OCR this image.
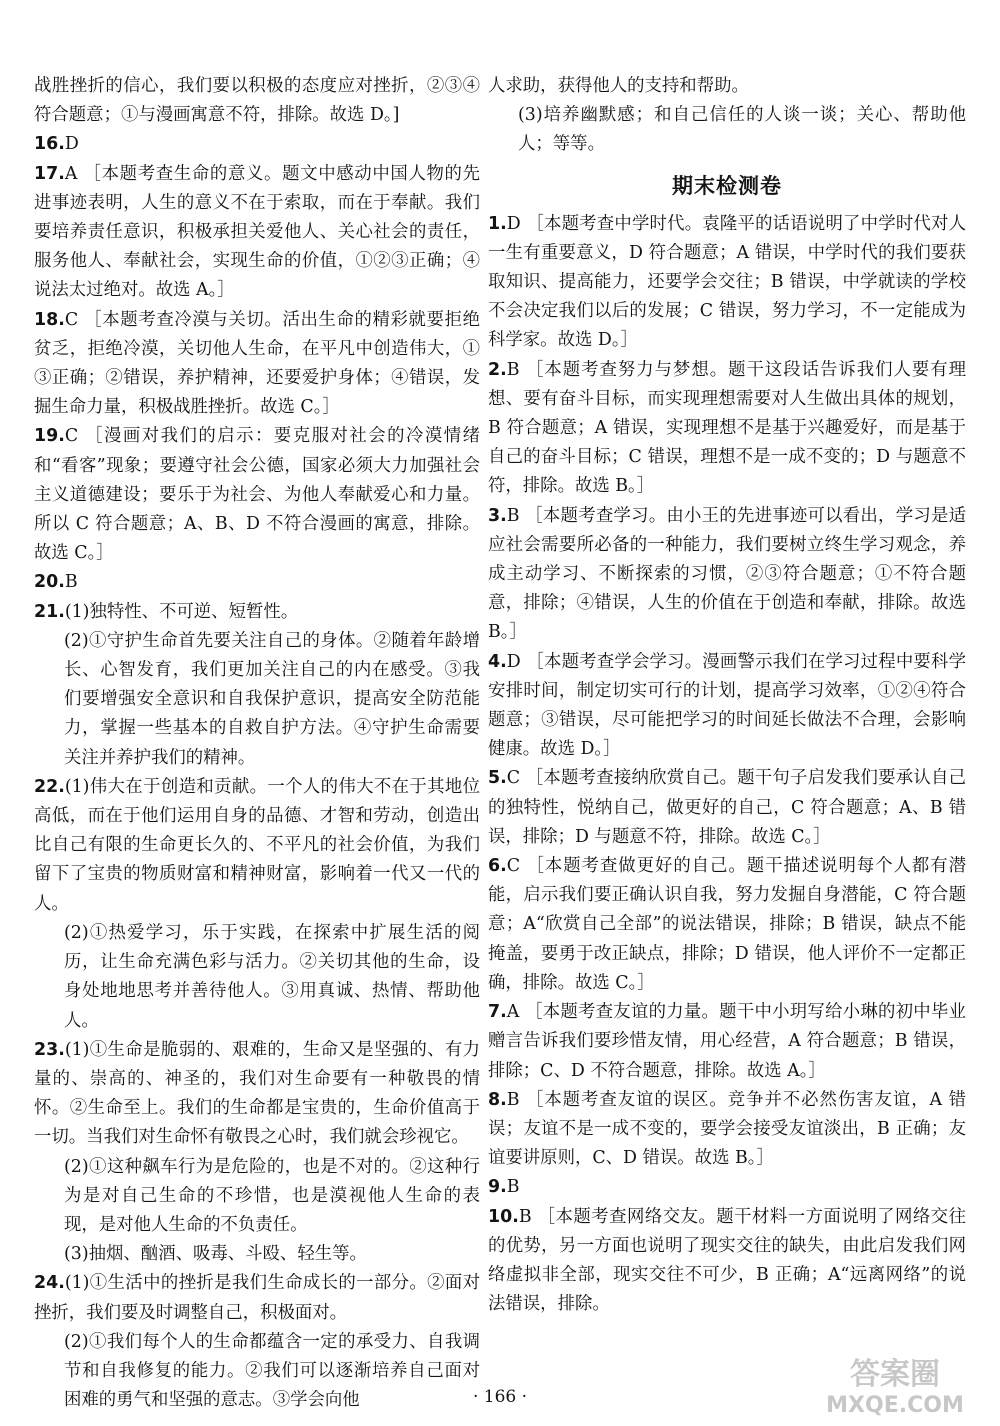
战胜挫折的信心，我们要以积极的态度应对挫折，②③④符合题意；①与漫画寓意不符，排除。故选 D。]
16.D
17.A ［本题考查生命的意义。题文中感动中国人物的先进事迹表明，人生的意义不在于索取，而在于奉献。我们要培养责任意识，积极承担关爱他人、关心社会的责任，服务他人、奉献社会，实现生命的价值，①②③正确；④说法太过绝对。故选 A。］
18.C ［本题考查冷漠与关切。活出生命的精彩就要拒绝贫乏，拒绝冷漠，关切他人生命，在平凡中创造伟大，①③正确；②错误，养护精神，还要爱护身体；④错误，发掘生命力量，积极战胜挫折。故选 C。］
19.C ［漫画对我们的启示：要克服对社会的冷漠情绪和“看客”现象；要遵守社会公德，国家必须大力加强社会主义道德建设；要乐于为社会、为他人奉献爱心和力量。所以 C 符合题意；A、B、D 不符合漫画的寓意，排除。故选 C。］
20.B
21.(1)独特性、不可逆、短暂性。
(2)①守护生命首先要关注自己的身体。②随着年龄增长、心智发育，我们更加关注自己的内在感受。③我们要增强安全意识和自我保护意识，提高安全防范能力，掌握一些基本的自救自护方法。④守护生命需要关注并养护我们的精神。
22.(1)伟大在于创造和贡献。一个人的伟大不在于其地位高低，而在于他们运用自身的品德、才智和劳动，创造出比自己有限的生命更长久的、不平凡的社会价值，为我们留下了宝贵的物质财富和精神财富，影响着一代又一代的人。
(2)①热爱学习，乐于实践，在探索中扩展生活的阅历，让生命充满色彩与活力。②关切其他的生命，设身处地地思考并善待他人。③用真诚、热情、帮助他人。
23.(1)①生命是脆弱的、艰难的，生命又是坚强的、有力量的、崇高的、神圣的，我们对生命要有一种敬畏的情怀。②生命至上。我们的生命都是宝贵的，生命价值高于一切。当我们对生命怀有敬畏之心时，我们就会珍视它。
(2)①这种飙车行为是危险的，也是不对的。②这种行为是对自己生命的不珍惜，也是漠视他人生命的表现，是对他人生命的不负责任。
(3)抽烟、酗酒、吸毒、斗殴、轻生等。
24.(1)①生活中的挫折是我们生命成长的一部分。②面对挫折，我们要及时调整自己，积极面对。
(2)①我们每个人的生命都蕴含一定的承受力、自我调节和自我修复的能力。②我们可以逐渐培养自己面对困难的勇气和坚强的意志。③学会向他
人求助，获得他人的支持和帮助。
(3)培养幽默感；和自己信任的人谈一谈；关心、帮助他人；等等。
期末检测卷
1.D ［本题考查中学时代。袁隆平的话语说明了中学时代对人一生有重要意义，D 符合题意；A 错误，中学时代的我们要获取知识、提高能力，还要学会交往；B 错误，中学就读的学校不会决定我们以后的发展；C 错误，努力学习，不一定能成为科学家。故选 D。］
2.B ［本题考查努力与梦想。题干这段话告诉我们人要有理想、要有奋斗目标，而实现理想需要对人生做出具体的规划，B 符合题意；A 错误，实现理想不是基于兴趣爱好，而是基于自己的奋斗目标；C 错误，理想不是一成不变的；D 与题意不符，排除。故选 B。］
3.B ［本题考查学习。由小王的先进事迹可以看出，学习是适应社会需要所必备的一种能力，我们要树立终生学习观念，养成主动学习、不断探索的习惯，②③符合题意；①不符合题意，排除；④错误，人生的价值在于创造和奉献，排除。故选 B。］
4.D ［本题考查学会学习。漫画警示我们在学习过程中要科学安排时间，制定切实可行的计划，提高学习效率，①②④符合题意；③错误，尽可能把学习的时间延长做法不合理，会影响健康。故选 D。］
5.C ［本题考查接纳欣赏自己。题干句子启发我们要承认自己的独特性，悦纳自己，做更好的自己，C 符合题意；A、B 错误，排除；D 与题意不符，排除。故选 C。］
6.C ［本题考查做更好的自己。题干描述说明每个人都有潜能，启示我们要正确认识自我，努力发掘自身潜能，C 符合题意；A“欣赏自己全部”的说法错误，排除；B 错误，缺点不能掩盖，要勇于改正缺点，排除；D 错误，他人评价不一定都正确，排除。故选 C。］
7.A ［本题考查友谊的力量。题干中小玥写给小琳的初中毕业赠言告诉我们要珍惜友情，用心经营，A 符合题意；B 错误，排除；C、D 不符合题意，排除。故选 A。］
8.B ［本题考查友谊的误区。竞争并不必然伤害友谊，A 错误；友谊不是一成不变的，要学会接受友谊淡出，B 正确；友谊要讲原则，C、D 错误。故选 B。］
9.B
10.B ［本题考查网络交友。题干材料一方面说明了网络交往的优势，另一方面也说明了现实交往的缺失，由此启发我们网络虚拟非全部，现实交往不可少，B 正确；A“远离网络”的说法错误，排除。
· 166 ·
答案圈
MXQE.COM
